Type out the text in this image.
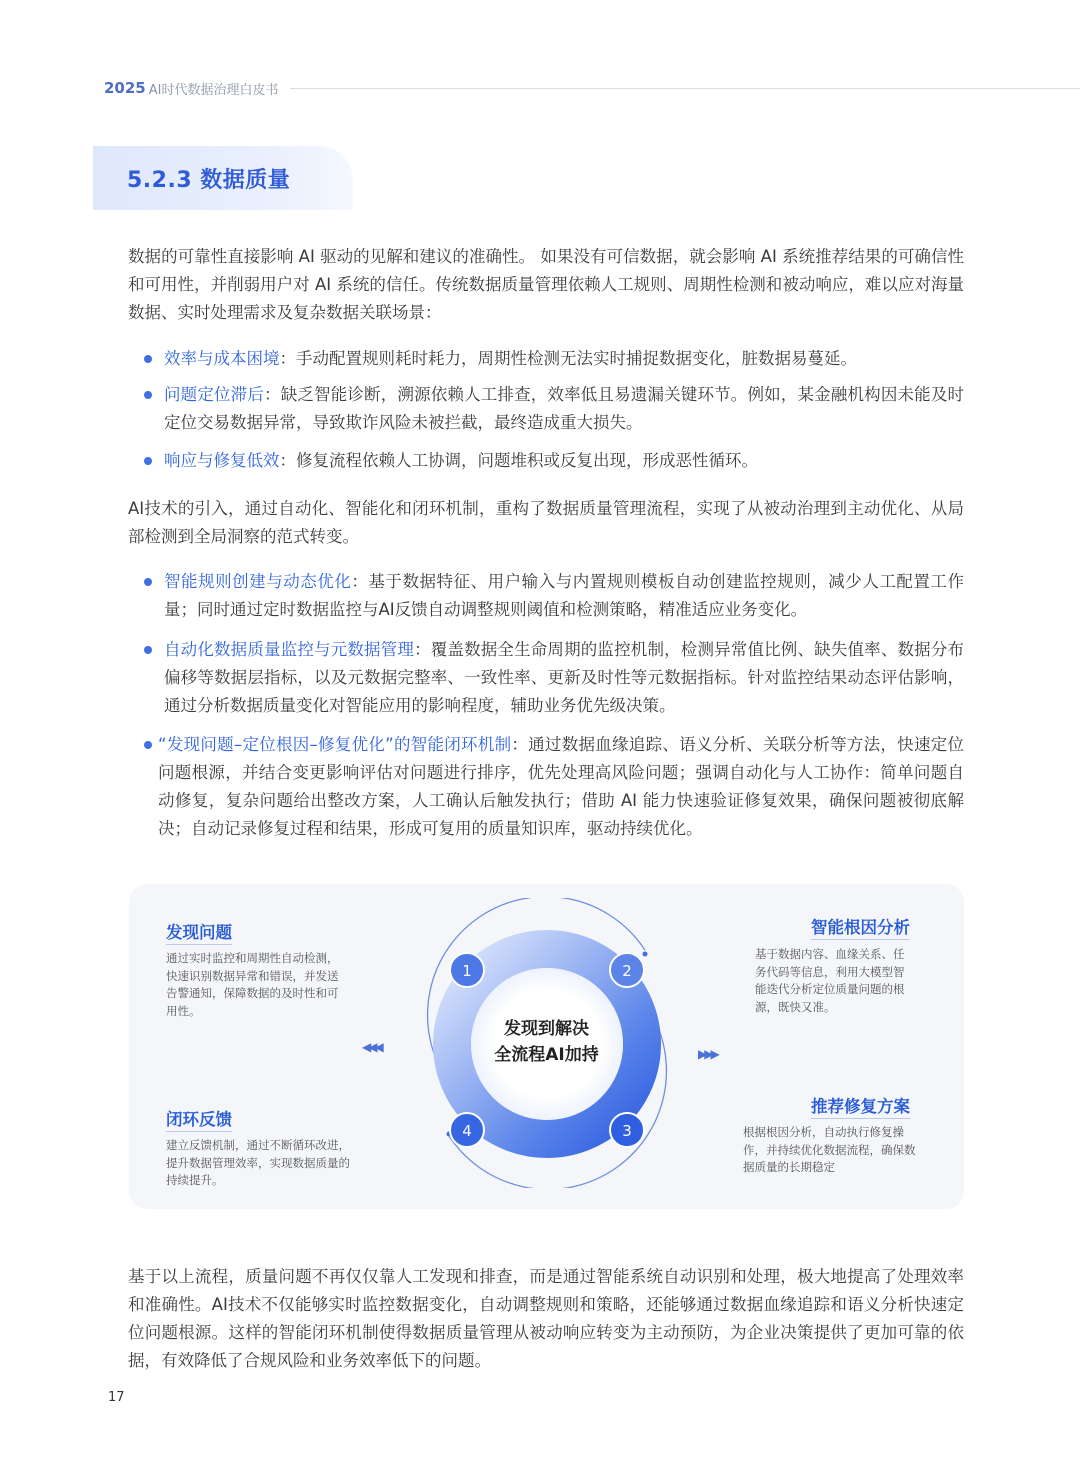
2025 AI时代数据治理白皮书
5.2.3 数据质量

数据的可靠性直接影响 AI 驱动的见解和建议的准确性。 如果没有可信数据，就会影响 AI 系统推荐结果的可确信性和可用性，并削弱用户对 AI 系统的信任。传统数据质量管理依赖人工规则、周期性检测和被动响应，难以应对海量数据、实时处理需求及复杂数据关联场景：

效率与成本困境：手动配置规则耗时耗力，周期性检测无法实时捕捉数据变化，脏数据易蔓延。
问题定位滞后：缺乏智能诊断，溯源依赖人工排查，效率低且易遗漏关键环节。例如，某金融机构因未能及时定位交易数据异常，导致欺诈风险未被拦截，最终造成重大损失。
响应与修复低效：修复流程依赖人工协调，问题堆积或反复出现，形成恶性循环。

AI技术的引入，通过自动化、智能化和闭环机制，重构了数据质量管理流程，实现了从被动治理到主动优化、从局部检测到全局洞察的范式转变。

智能规则创建与动态优化：基于数据特征、用户输入与内置规则模板自动创建监控规则，减少人工配置工作量；同时通过定时数据监控与AI反馈自动调整规则阈值和检测策略，精准适应业务变化。
自动化数据质量监控与元数据管理：覆盖数据全生命周期的监控机制，检测异常值比例、缺失值率、数据分布偏移等数据层指标，以及元数据完整率、一致性率、更新及时性等元数据指标。针对监控结果动态评估影响，通过分析数据质量变化对智能应用的影响程度，辅助业务优先级决策。
“发现问题–定位根因–修复优化”的智能闭环机制：通过数据血缘追踪、语义分析、关联分析等方法，快速定位问题根源，并结合变更影响评估对问题进行排序，优先处理高风险问题；强调自动化与人工协作：简单问题自动修复，复杂问题给出整改方案，人工确认后触发执行；借助 AI 能力快速验证修复效果，确保问题被彻底解决；自动记录修复过程和结果，形成可复用的质量知识库，驱动持续优化。
发现问题
通过实时监控和周期性自动检测，快速识别数据异常和错误，并发送告警通知，保障数据的及时性和可用性。
闭环反馈
建立反馈机制，通过不断循环改进，提升数据管理效率，实现数据质量的持续提升。
智能根因分析
基于数据内容、血缘关系、任务代码等信息，利用大模型智能迭代分析定位质量问题的根源，既快又准。
推荐修复方案
根据根因分析，自动执行修复操作，并持续优化数据流程，确保数据质量的长期稳定
◀◀◀	▶▶▶
1	2
3
4
发现到解决
全流程AI加持

基于以上流程，质量问题不再仅仅靠人工发现和排查，而是通过智能系统自动识别和处理，极大地提高了处理效率和准确性。AI技术不仅能够实时监控数据变化，自动调整规则和策略，还能够通过数据血缘追踪和语义分析快速定位问题根源。这样的智能闭环机制使得数据质量管理从被动响应转变为主动预防，为企业决策提供了更加可靠的依据，有效降低了合规风险和业务效率低下的问题。

17
